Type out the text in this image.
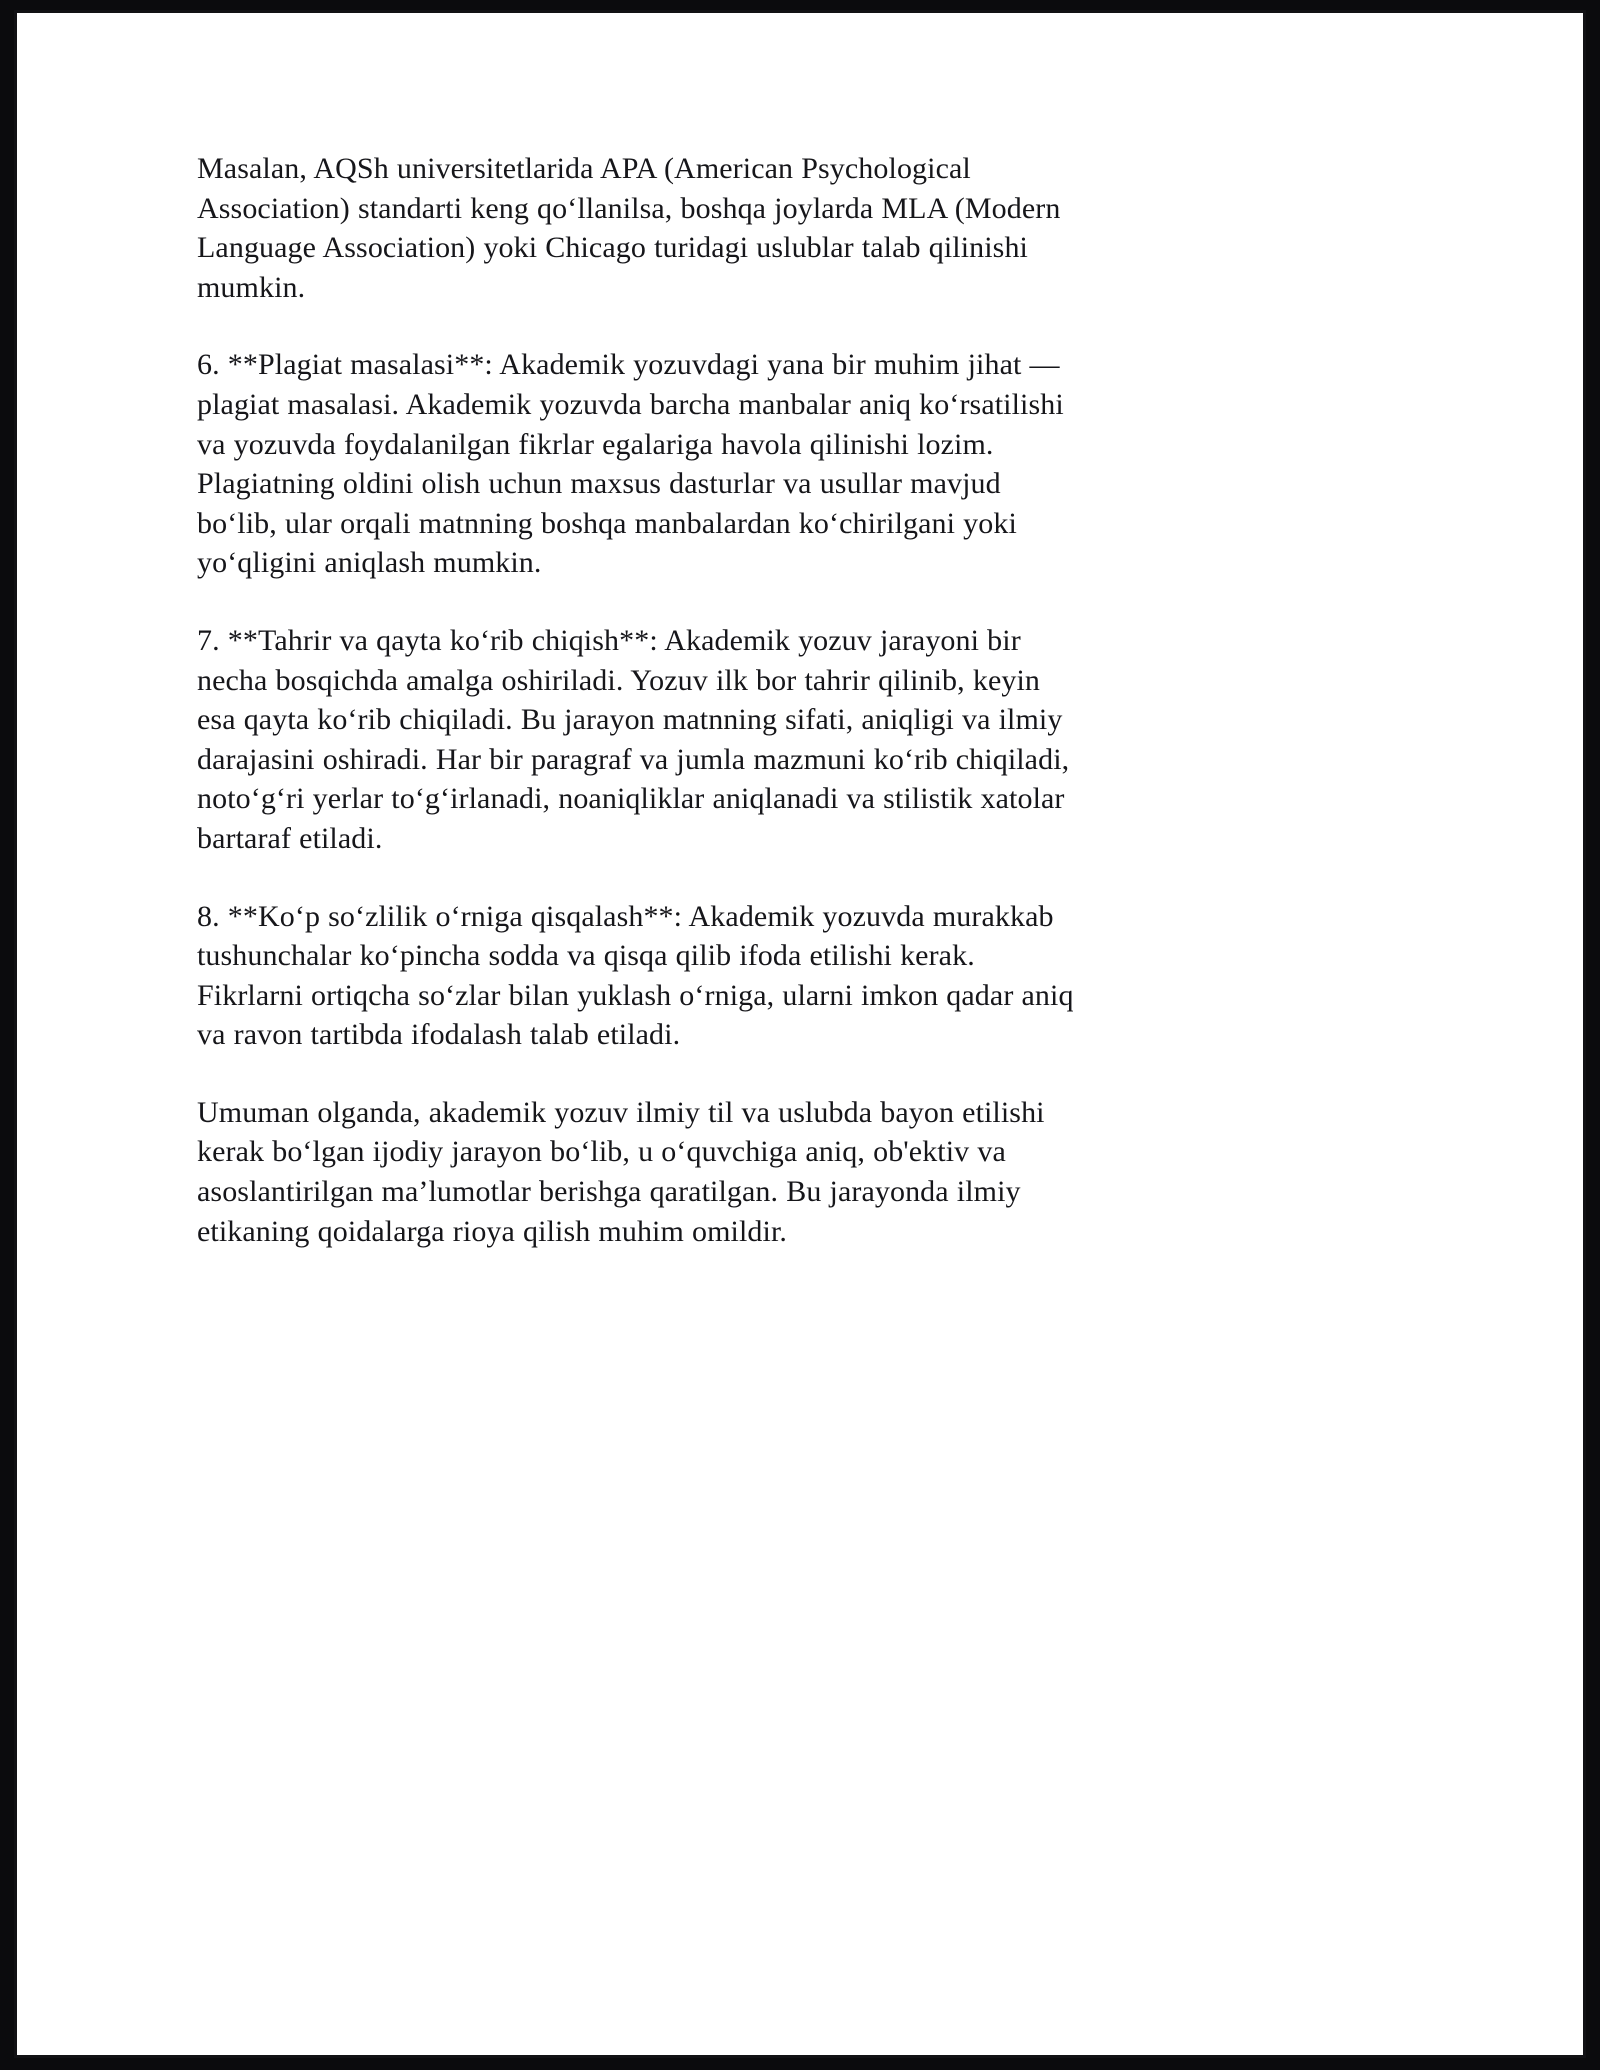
Masalan, AQSh universitetlarida APA (American Psychological Association) standarti keng qo‘llanilsa, boshqa joylarda MLA (Modern Language Association) yoki Chicago turidagi uslublar talab qilinishi mumkin.

6. **Plagiat masalasi**: Akademik yozuvdagi yana bir muhim jihat — plagiat masalasi. Akademik yozuvda barcha manbalar aniq ko‘rsatilishi va yozuvda foydalanilgan fikrlar egalariga havola qilinishi lozim. Plagiatning oldini olish uchun maxsus dasturlar va usullar mavjud bo‘lib, ular orqali matnning boshqa manbalardan ko‘chirilgani yoki yo‘qligini aniqlash mumkin.

7. **Tahrir va qayta ko‘rib chiqish**: Akademik yozuv jarayoni bir necha bosqichda amalga oshiriladi. Yozuv ilk bor tahrir qilinib, keyin esa qayta ko‘rib chiqiladi. Bu jarayon matnning sifati, aniqligi va ilmiy darajasini oshiradi. Har bir paragraf va jumla mazmuni ko‘rib chiqiladi, noto‘g‘ri yerlar to‘g‘irlanadi, noaniqliklar aniqlanadi va stilistik xatolar bartaraf etiladi.

8. **Ko‘p so‘zlilik o‘rniga qisqalash**: Akademik yozuvda murakkab tushunchalar ko‘pincha sodda va qisqa qilib ifoda etilishi kerak. Fikrlarni ortiqcha so‘zlar bilan yuklash o‘rniga, ularni imkon qadar aniq va ravon tartibda ifodalash talab etiladi.

Umuman olganda, akademik yozuv ilmiy til va uslubda bayon etilishi kerak bo‘lgan ijodiy jarayon bo‘lib, u o‘quvchiga aniq, ob'ektiv va asoslantirilgan ma’lumotlar berishga qaratilgan. Bu jarayonda ilmiy etikaning qoidalarga rioya qilish muhim omildir.
